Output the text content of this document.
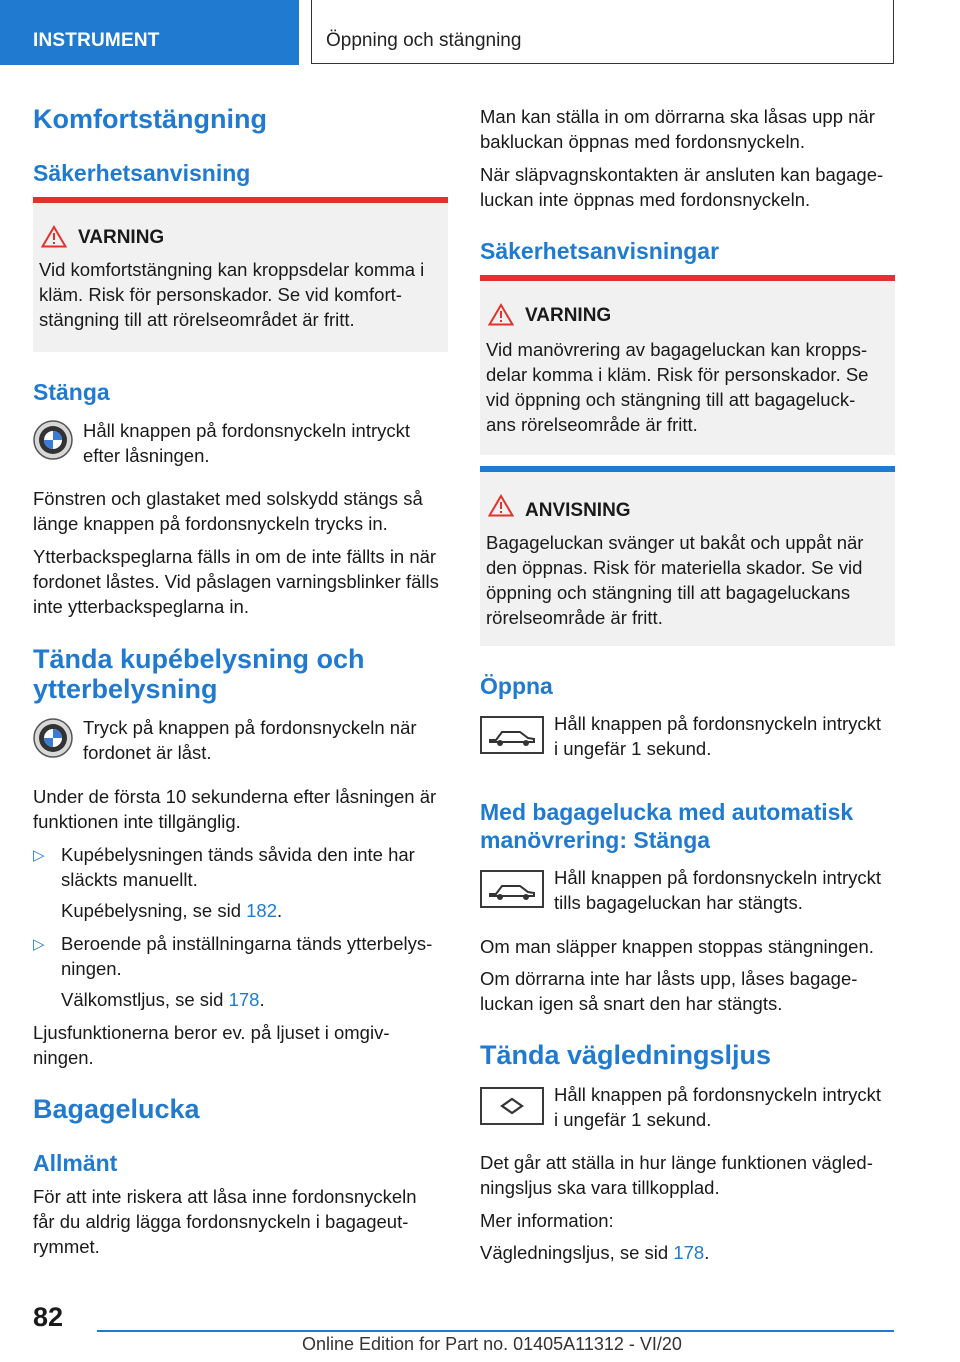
INSTRUMENT	Öppning och stängning
Komfortstängning
Säkerhetsanvisning
VARNING
Vid komfortstängning kan kroppsdelar komma i
kläm. Risk för personskador. Se vid komfort-
stängning till att rörelseområdet är fritt.
Stänga
Håll knappen på fordonsnyckeln intryckt
efter låsningen.
Fönstren och glastaket med solskydd stängs så
länge knappen på fordonsnyckeln trycks in.
Ytterbackspeglarna fälls in om de inte fällts in när
fordonet låstes. Vid påslagen varningsblinker fälls
inte ytterbackspeglarna in.
Tända kupébelysning och
ytterbelysning
Tryck på knappen på fordonsnyckeln när
fordonet är låst.
Under de första 10 sekunderna efter låsningen är
funktionen inte tillgänglig.
▷ Kupébelysningen tänds såvida den inte har
släckts manuellt.
Kupébelysning, se sid 182.
▷ Beroende på inställningarna tänds ytterbelys-
ningen.
Välkomstljus, se sid 178.
Ljusfunktionerna beror ev. på ljuset i omgiv-
ningen.
Bagagelucka
Allmänt
För att inte riskera att låsa inne fordonsnyckeln
får du aldrig lägga fordonsnyckeln i bagageut-
rymmet.
Man kan ställa in om dörrarna ska låsas upp när
bakluckan öppnas med fordonsnyckeln.
När släpvagnskontakten är ansluten kan bagage-
luckan inte öppnas med fordonsnyckeln.
Säkerhetsanvisningar
VARNING
Vid manövrering av bagageluckan kan kropps-
delar komma i kläm. Risk för personskador. Se
vid öppning och stängning till att bagageluck-
ans rörelseområde är fritt.
ANVISNING
Bagageluckan svänger ut bakåt och uppåt när
den öppnas. Risk för materiella skador. Se vid
öppning och stängning till att bagageluckans
rörelseområde är fritt.
Öppna
Håll knappen på fordonsnyckeln intryckt
i ungefär 1 sekund.
Med bagagelucka med automatisk
manövrering: Stänga
Håll knappen på fordonsnyckeln intryckt
tills bagageluckan har stängts.
Om man släpper knappen stoppas stängningen.
Om dörrarna inte har låsts upp, låses bagage-
luckan igen så snart den har stängts.
Tända vägledningsljus
Håll knappen på fordonsnyckeln intryckt
i ungefär 1 sekund.
Det går att ställa in hur länge funktionen vägled-
ningsljus ska vara tillkopplad.
Mer information:
Vägledningsljus, se sid 178.
82
Online Edition for Part no. 01405A11312 - VI/20
